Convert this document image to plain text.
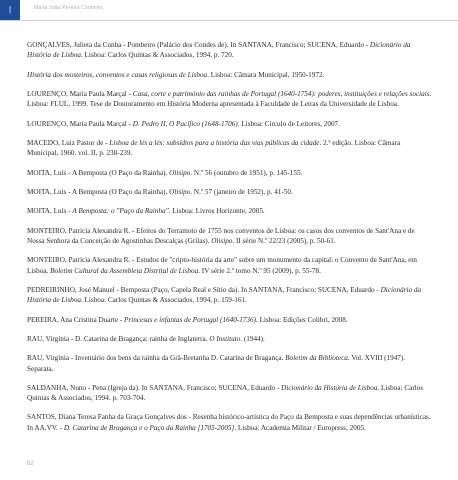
|	Maria João Pereira Coutinho

GONÇALVES, Julieta da Cunha - Pombeiro (Palácio dos Condes de). In SANTANA, Francisco; SUCENA, Eduardo - Dicionário da História de Lisboa. Lisboa: Carlos Quintas & Associados, 1994, p. 720.

História dos mosteiros, conventos e casas religiosas de Lisboa. Lisboa: Câmara Municipal, 1950-1972.

LOURENÇO, Maria Paula Marçal - Casa, corte e património das rainhas de Portugal (1640-1754): poderes, instituições e relações sociais. Lisboa: FLUL, 1999. Tese de Doutoramento em História Moderna apresentada à Faculdade de Letras da Universidade de Lisboa.

LOURENÇO, Maria Paula Marçal - D. Pedro II, O Pacífico (1648-1706). Lisboa: Círculo de Leitores, 2007.

MACEDO, Luiz Pastor de - Lisboa de lés a lés: subsídios para a história das vias públicas da cidade. 2.ª edição. Lisboa: Câmara Municipal, 1960. vol. II, p. 238-239.

MOITA, Luís - A Bemposta (O Paço da Rainha). Olisipo. N.º 56 (outubro de 1951), p. 145-155.

MOITA, Luís - A Bemposta (O Paço da Rainha). Olisipo. N.º 57 (janeiro de 1952), p. 41-50.

MOITA, Luís - A Bemposta: o "Paço da Rainha". Lisboa: Livros Horizonte, 2005.

MONTEIRO, Patrícia Alexandra R. - Efeitos do Terramoto de 1755 nos conventos de Lisboa: os casos dos conventos de Sant'Ana e de Nossa Senhora da Conceição de Agostinhas Descalças (Grilas). Olisipo. II série N.º 22/23 (2005), p. 50-61.

MONTEIRO, Patrícia Alexandra R. - Estudos de "cripto-história da arte" sobre um monumento da capital: o Convento de Sant'Ana, em Lisboa. Boletim Cultural da Assembleia Distrital de Lisboa. IV série 2.º tomo N.º 95 (2009), p. 55-78.

PEDREIRINHO, José Manuel - Bemposta (Paço, Capela Real e Sítio da). In SANTANA, Francisco; SUCENA, Eduardo - Dicionário da História de Lisboa. Lisboa: Carlos Quintas & Associados, 1994, p. 159-161.

PEREIRA, Ana Cristina Duarte - Princesas e infantas de Portugal (1640-1736). Lisboa: Edições Colibri, 2008.

RAU, Virgínia - D. Catarina de Bragança: rainha de Inglaterra. O Instituto. (1944).

RAU, Virgínia - Inventário dos bens da rainha da Grã-Bretanha D. Catarina de Bragança. Boletim da Biblioteca. Vol. XVIII (1947). Separata.

SALDANHA, Nuno - Pena (Igreja da). In SANTANA, Francisco; SUCENA, Eduardo - Dicionário da História de Lisboa. Lisboa: Carlos Quintas & Associados, 1994. p. 703-704.

SANTOS, Diana Teresa Fanha da Graça Gonçalves dos - Resenha histórico-artística do Paço da Bemposta e suas dependências urbanísticas. In AA.VV. - D. Catarina de Bragança e o Paço da Rainha [1705-2005]. Lisboa: Academia Militar / Europress, 2005.

82
